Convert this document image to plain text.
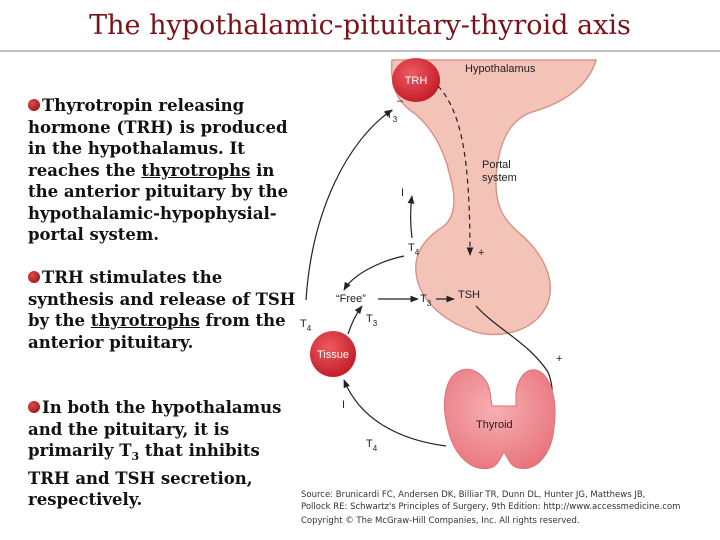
The hypothalamic-pituitary-thyroid axis
Thyrotropin releasing hormone (TRH) is produced in the hypothalamus. It reaches the thyrotrophs in the anterior pituitary by the hypothalamic-hypophysial-portal system.
TRH stimulates the synthesis and release of TSH by the thyrotrophs from the anterior pituitary.
In both the hypothalamus and the pituitary, it is primarily $T_3$ that inhibits TRH and TSH secretion, respectively.
TRH
Hypothalamus
$T_3$
–
Portal
system
I
$T_4$	+
“Free”	$T_3$
TSH
$T_4$
Tissue
$T_3$
+
Thyroid
$T_4$
I
Source: Brunicardi FC, Andersen DK, Billiar TR, Dunn DL, Hunter JG, Matthews JB,
Pollock RE: Schwartz's Principles of Surgery, 9th Edition: http://www.accessmedicine.com
Copyright © The McGraw-Hill Companies, Inc. All rights reserved.
